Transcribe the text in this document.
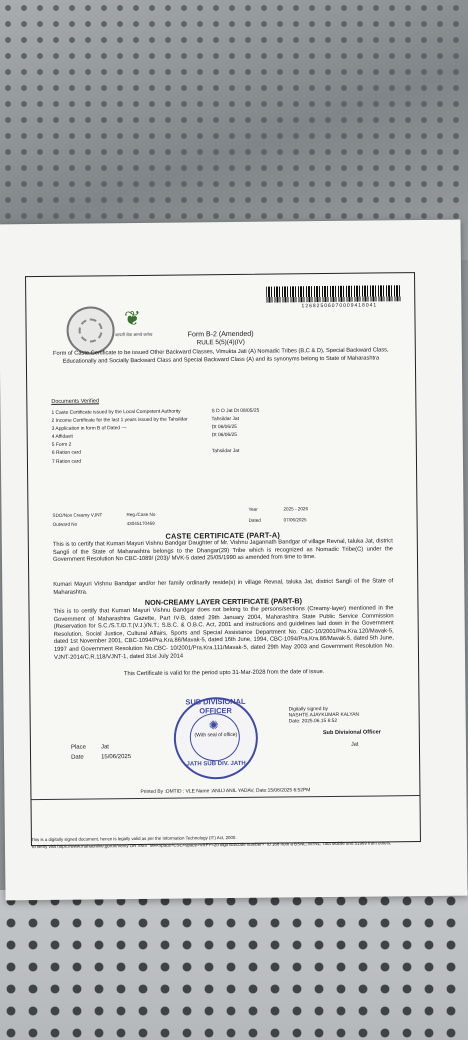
❦
आपली सेवा आमचे कर्तव्य
12682506070009418041
Form B-2 (Amended)
RULE 5(5)(4)(IV)
Form of Caste Certificate to be issued Other Backward Classes, Vimukta Jati (A) Nomadic Tribes (B,C & D), Special Backward Class, Educationally and Socially Backward Class and Special Backward Class (A) and its synonyms belong to State of Maharashtra
Documents Verified
1 Caste Certificate issued by the Local Competent Authority	S D O Jat Dt 08/05/25
2 Income Certificate for the last 1 years issued by the Tahsildar	Tahsildar Jat
3 Application in form B of Dated —	Dt 06/06/25
4 Affidavit	Dt 06/06/25
5 Form 2
6 Ration card	Tahsildar Jat
7 Ration card
SDO/Non Creamy VJNT	Reg./Case No
Year	2025 - 2026
Outward No	43045170469
Dated	07/06/2025
CASTE CERTIFICATE (PART-A)
This is to certify that Kumari Mayuri Vishnu Bandgar Daughter of Mr. Vishnu Jagannath Bandgar of village Revnal, taluka Jat, district Sangli of the State of Maharashtra belongs to the Dhangar(29) Tribe which is recognized as Nomadic Tribe(C) under the Government Resolution No CBC-1089/ (203)/ MVK-5 dated 25/05/1990 as amended from time to time.
Kumari Mayuri Vishnu Bandgar and/or her family ordinarily reside(s) in village Revnal, taluka Jat, district Sangli of the State of Maharashtra.
NON-CREAMY LAYER CERTIFICATE (PART-B)
This is to certify that Kumari Mayuri Vishnu Bandgar does not belong to the persons/sections (Creamy-layer) mentioned in the Government of Maharashtra Gazette, Part IV-B, dated 29th January 2004, Maharashtra State Public Service Commission (Reservation for S.C./S.T./D.T.(V.J.)/N.T.; S.B.C. & O.B.C. Act, 2001 and instructions and guidelines laid down in the Government Resolution, Social Justice, Cultural Affairs, Sports and Special Assistance Department No. CBC-10/2001/Pra.Kra.120/Mavak-5, dated 1st November 2001, CBC-1094/Pra.Kra.86/Mavak-5, dated 16th June, 1994, CBC-1094/Pra.Kra.86/Mavak-5, dated 5th June, 1997 and Government Resolution No.CBC- 10/2001/Pra.Kra.111/Mavak-5, dated 29th May 2003 and Government Resolution No. VJNT-2014/C.R.118/VJNT-1, dated 31st July 2014
This Certificate is valid for the period upto 31-Mar-2028 from the date of issue.
SUB DIVISIONAL OFFICER
✺
(With seal of office)
JATH SUB DIV. JATH
Digitally signed by
NASHTE AJAYKUMAR KALYAN
Date: 2025.06.15 6:52
Sub Divisional Officer
Jat
Place Jat
Date	15/06/2025
Printed By :OMTID : VLE Name :ANUJ ANIL YADAV, Date:15/06/2025 6:52PM
This is a digitally signed document, hence is legally valid as per the Information Technology (IT) Act, 2000.
To verify visit https://www.mahaonline.gov.in/Verify OR SMS "MH<space>CSC<space>VRFY<20 digit Barcode number>" to 166 from a BSNL, MTNL, Tata Mobile and 51969 from others.
